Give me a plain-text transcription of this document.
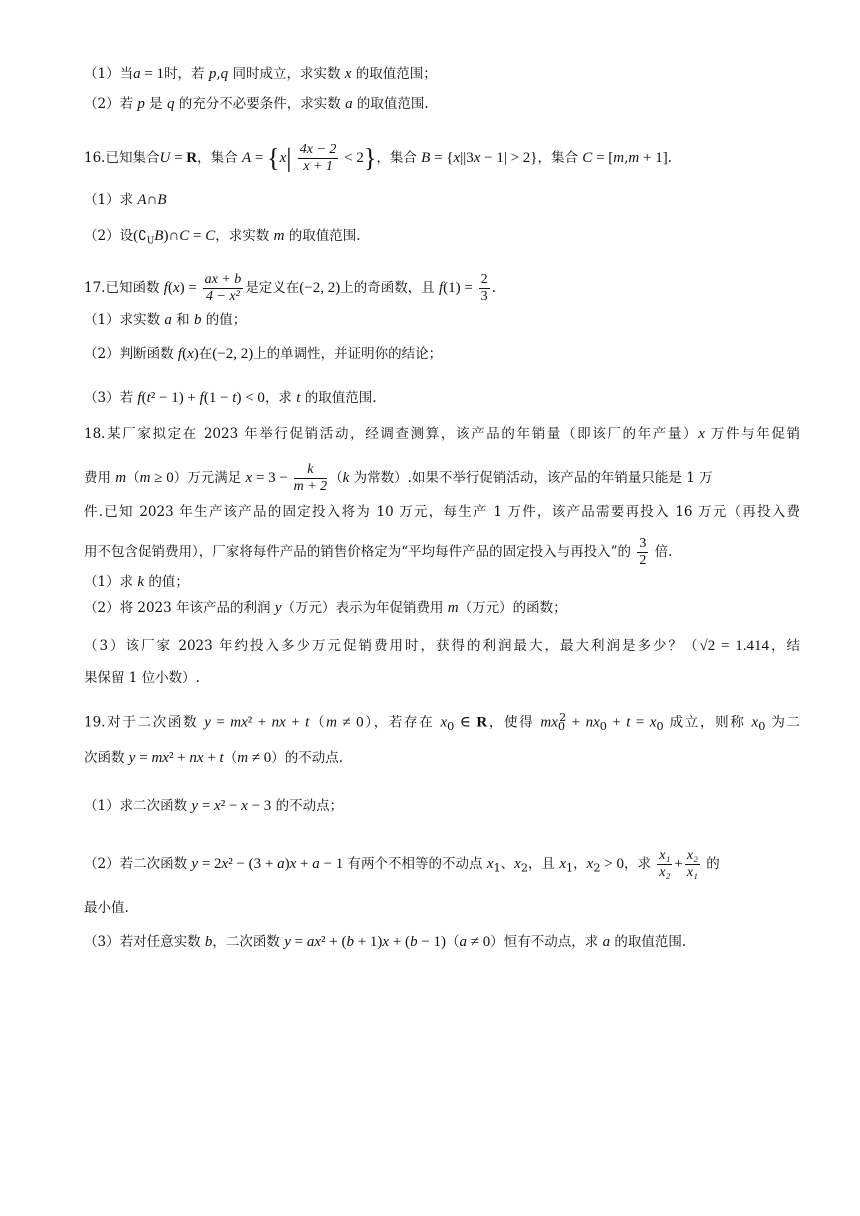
（1）当a = 1时，若 p,q 同时成立，求实数 x 的取值范围；
（2）若 p 是 q 的充分不必要条件，求实数 a 的取值范围.
16.已知集合U = R，集合 $A = \{x| \frac{4x - 2}{x + 1} < 2\}$，集合 B = {x||3x − 1| > 2}，集合 C = [m,m + 1].
（1）求 A∩B
（2）设$(∁_UB)\cap C = C$，求实数 m 的取值范围.
17.已知函数 $f(x) = \frac{ax + b}{\text{4 − x²}}$ 是定义在(−2, 2)上的奇函数，且 $f(1) = \frac{2}{3}$ .
（1）求实数 a 和 b 的值；
（2）判断函数 f(x)在(−2, 2)上的单调性，并证明你的结论；
（3）若 f(t² − 1) + f(1 − t) < 0，求 t 的取值范围.
18.某厂家拟定在 2023 年举行促销活动，经调查测算，该产品的年销量（即该厂的年产量）x 万件与年促销
费用 m（m ≥ 0）万元满足 $x = 3 - \frac{k}{m + 2} (k$ 为常数）.如果不举行促销活动，该产品的年销量只能是 1 万
件.已知 2023 年生产该产品的固定投入将为 10 万元，每生产 1 万件，该产品需要再投入 16 万元（再投入费
用不包含促销费用），厂家将每件产品的销售价格定为“平均每件产品的固定投入与再投入”的 $\frac{3}{2}$ 倍.
（1）求 k 的值；
（2）将 2023 年该产品的利润 y（万元）表示为年促销费用 m（万元）的函数；
（3）该厂家 2023 年约投入多少万元促销费用时，获得的利润最大，最大利润是多少？（√2 = 1.414，结
果保留 1 位小数）.
19.对于二次函数 y = mx² + nx + t（m ≠ 0），若存在 $x_0$ ∈ R，使得 $mx_0^2 + nx_0 + t = x_0$ 成立，则称 $x_0$ 为二
次函数 y = mx² + nx + t（m ≠ 0）的不动点.
（1）求二次函数 y = x² − x − 3 的不动点；
（2）若二次函数 y = 2x² − (3 + a)x + a − 1 有两个不相等的不动点 $x_1$、$x_2$，且 $x_1$，$x_2 > 0$，求 $\frac{\text{x₁}}{\text{x₂}} + \frac{\text{x₂}}{\text{x₁}}$ 的
最小值.
（3）若对任意实数 b，二次函数 y = ax² + (b + 1)x + (b − 1)（a ≠ 0）恒有不动点，求 a 的取值范围.
